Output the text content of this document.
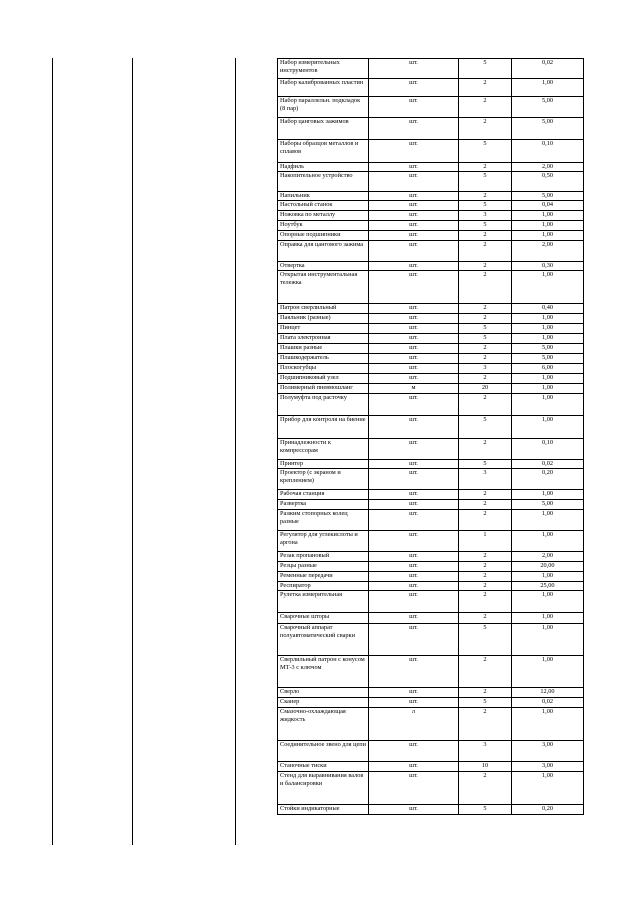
Набор измерительных инструментов	шт.	5	0,02
Набор калиброванных пластин	шт.	2	1,00
Набор параллельн. подкладок (8 пар)	шт.	2	5,00
Набор цанговых зажимов	шт.	2	5,00
Наборы образцов металлов и сплавов	шт.	5	0,10
Надфиль	шт.	2	2,00
Накопительное устройство	шт.	5	0,50
Напильник	шт.	2	5,00
Настольный станок	шт.	5	0,04
Ножовка по металлу	шт.	3	1,00
Ноутбук	шт.	5	1,00
Опорные подшипники	шт.	2	1,00
Оправка для цангового зажима	шт.	2	2,00
Отвертка	шт.	2	0,30
Открытая инструментальная тележка	шт.	2	1,00
Патрон сверлильный	шт.	2	0,40
Паяльник (разные)	шт.	2	1,00
Пинцет	шт.	5	1,00
Плата электронная	шт.	5	1,00
Плашки разные	шт.	2	5,00
Плашкодержатель	шт.	2	5,00
Плоскогубцы	шт.	3	6,00
Подшипниковый узел	шт.	2	1,00
Полимерный пневмошланг	м	20	1,00
Полумуфта под расточку	шт.	2	1,00
Прибор для контроля на биение	шт.	5	1,00
Принадлежности к компрессорам	шт.	2	0,10
Принтер	шт.	5	0,02
Проектор (с экраном и креплением)	шт.	3	0,20
Рабочая станция	шт.	2	1,00
Развертка	шт.	2	5,00
Разжим стопорных колец разные	шт.	2	1,00
Регулятор для углекислоты и аргона	шт.	1	1,00
Резак пропановый	шт.	2	2,00
Резцы разные	шт.	2	20,00
Ременные передачи	шт.	2	1,00
Респиратор	шт.	2	25,00
Рулетка измерительная	шт.	2	1,00
Сварочные шторы	шт.	2	1,00
Сварочный аппарат полуавтоматический сварки	шт.	5	1,00
Сверлильный патрон с конусом МТ-3 с ключом	шт.	2	1,00
Сверло	шт.	2	12,00
Сканер	шт.	5	0,02
Смазочно-охлаждающая жидкость	л	2	1,00
Соединительное звено для цепи	шт.	3	3,00
Станочные тиски	шт.	10	3,00
Стенд для выравнивания валов и балансировки	шт.	2	1,00
Стойки индикаторные	шт.	5	0,20
